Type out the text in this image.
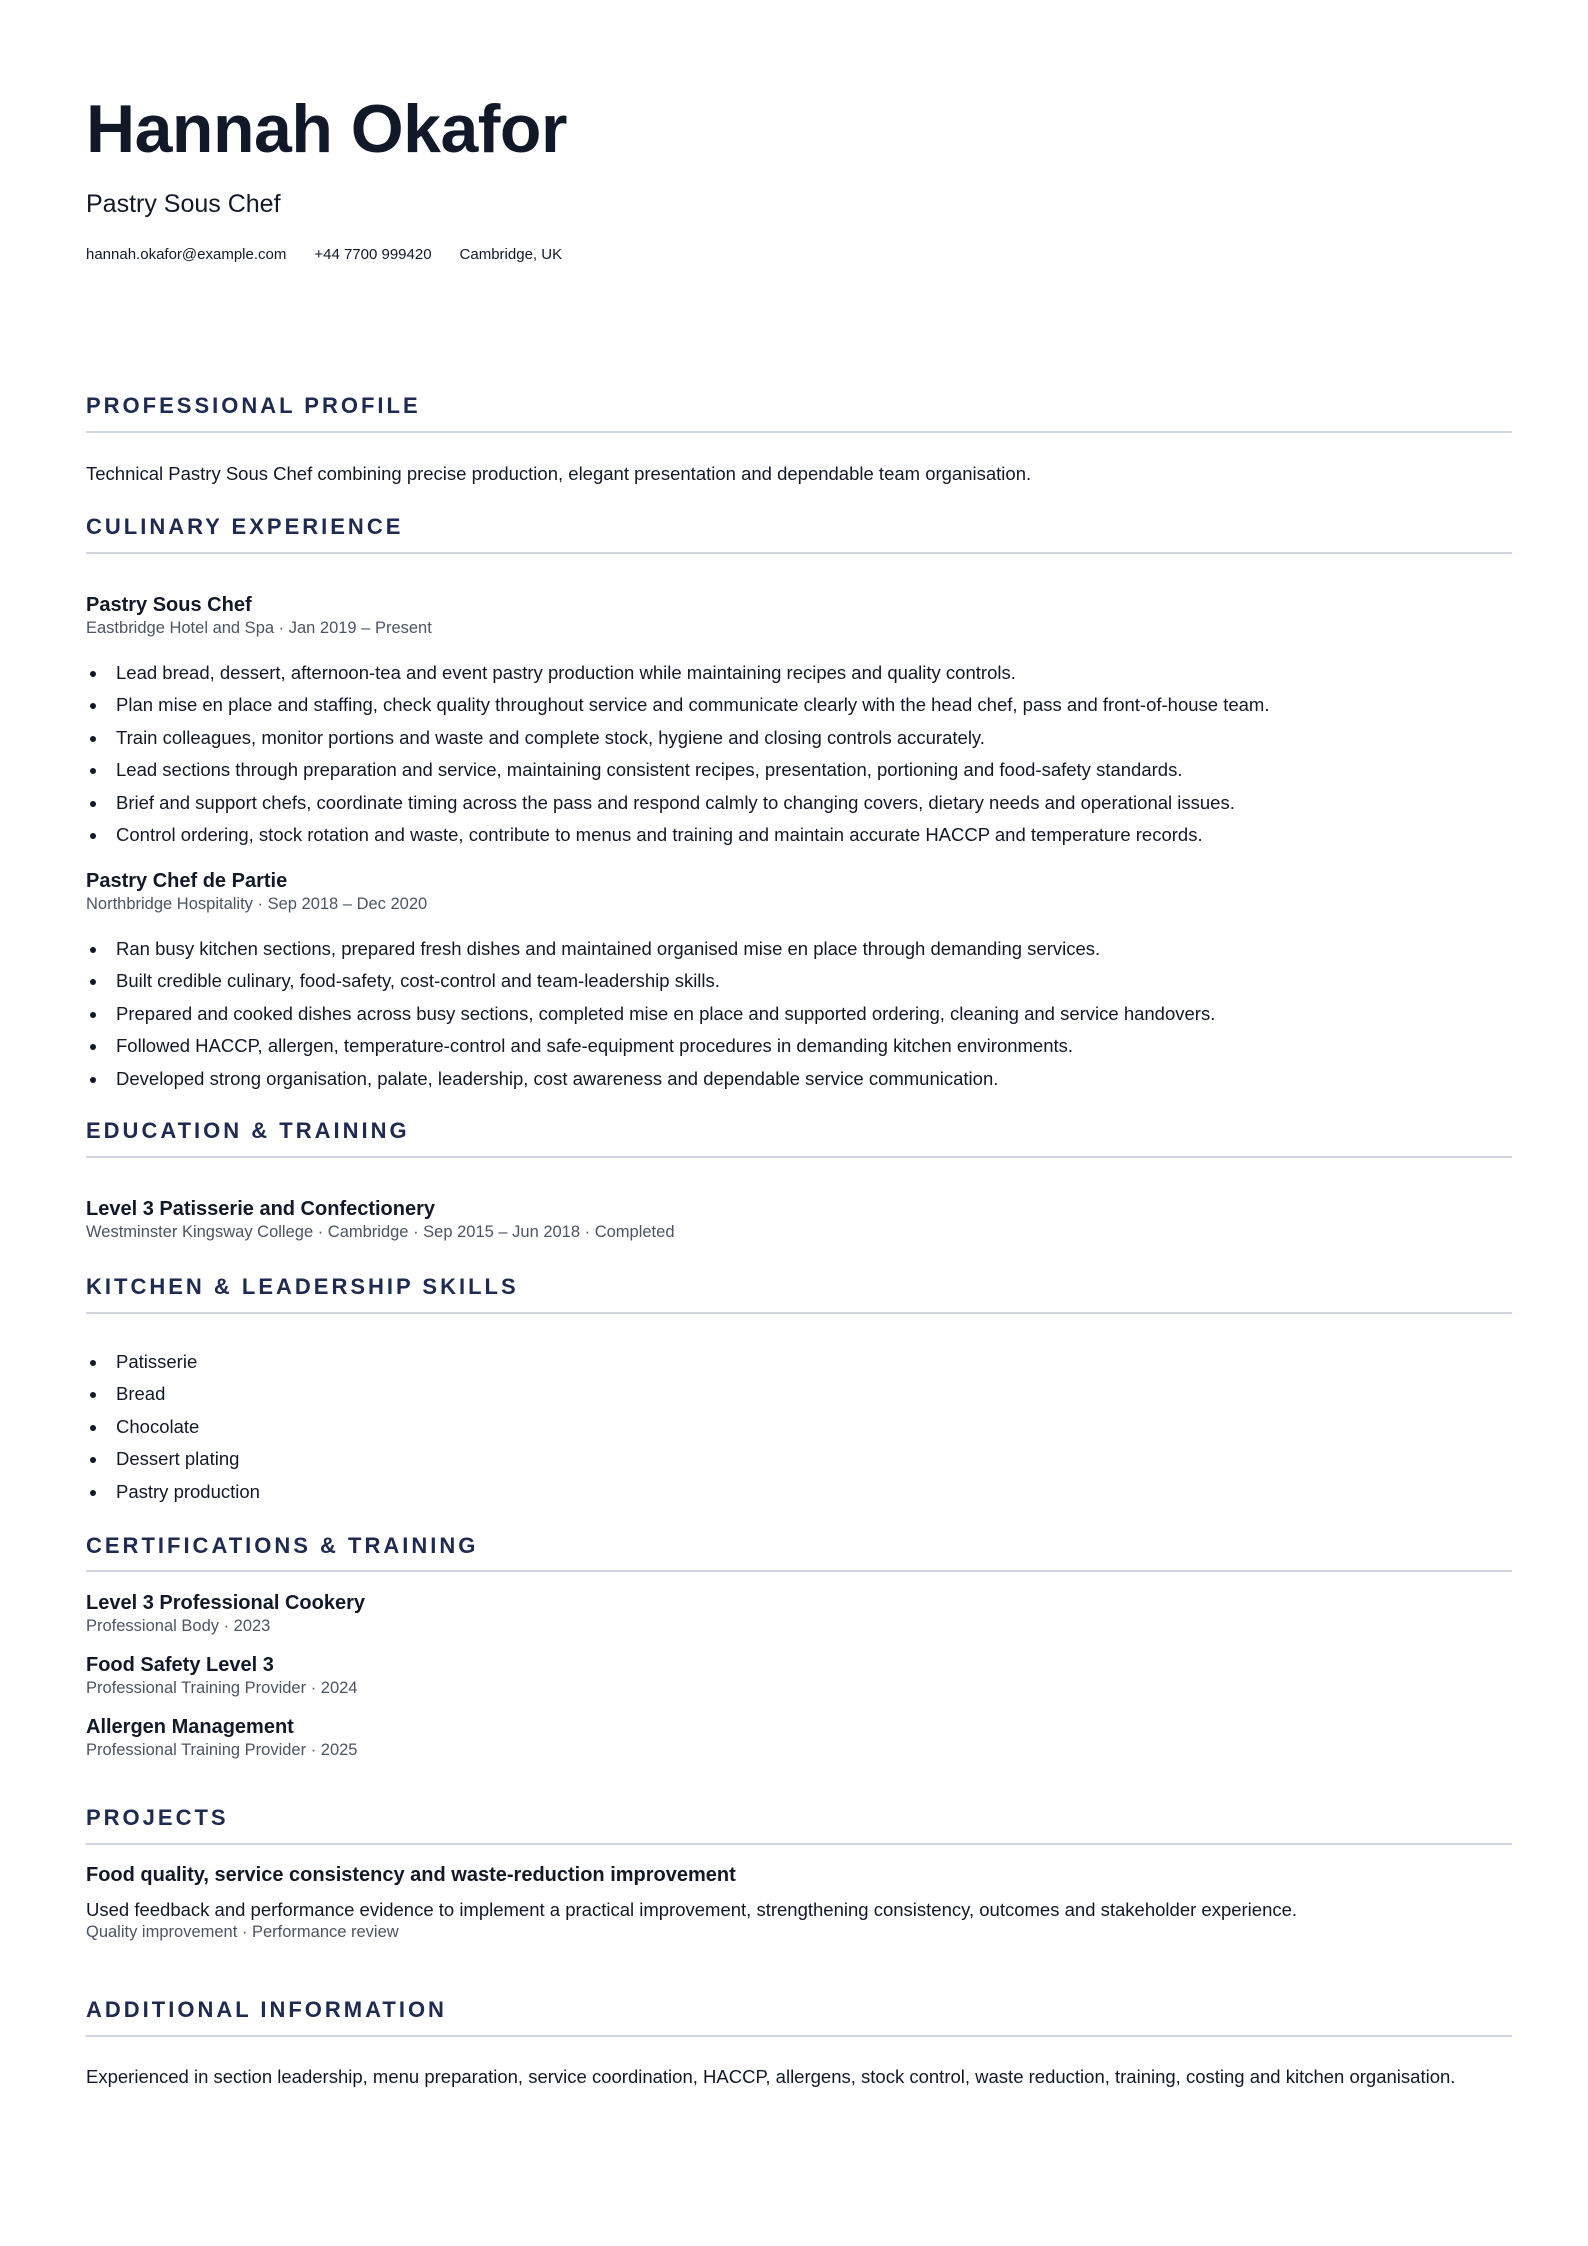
Hannah Okafor
Pastry Sous Chef
hannah.okafor@example.com +44 7700 999420 Cambridge, UK
PROFESSIONAL PROFILE
Technical Pastry Sous Chef combining precise production, elegant presentation and dependable team organisation.
CULINARY EXPERIENCE
Pastry Sous Chef
Eastbridge Hotel and Spa · Jan 2019 – Present
Lead bread, dessert, afternoon-tea and event pastry production while maintaining recipes and quality controls.
Plan mise en place and staffing, check quality throughout service and communicate clearly with the head chef, pass and front-of-house team.
Train colleagues, monitor portions and waste and complete stock, hygiene and closing controls accurately.
Lead sections through preparation and service, maintaining consistent recipes, presentation, portioning and food-safety standards.
Brief and support chefs, coordinate timing across the pass and respond calmly to changing covers, dietary needs and operational issues.
Control ordering, stock rotation and waste, contribute to menus and training and maintain accurate HACCP and temperature records.
Pastry Chef de Partie
Northbridge Hospitality · Sep 2018 – Dec 2020
Ran busy kitchen sections, prepared fresh dishes and maintained organised mise en place through demanding services.
Built credible culinary, food-safety, cost-control and team-leadership skills.
Prepared and cooked dishes across busy sections, completed mise en place and supported ordering, cleaning and service handovers.
Followed HACCP, allergen, temperature-control and safe-equipment procedures in demanding kitchen environments.
Developed strong organisation, palate, leadership, cost awareness and dependable service communication.
EDUCATION & TRAINING
Level 3 Patisserie and Confectionery
Westminster Kingsway College · Cambridge · Sep 2015 – Jun 2018 · Completed
KITCHEN & LEADERSHIP SKILLS
Patisserie
Bread
Chocolate
Dessert plating
Pastry production
CERTIFICATIONS & TRAINING
Level 3 Professional Cookery
Professional Body · 2023
Food Safety Level 3
Professional Training Provider · 2024
Allergen Management
Professional Training Provider · 2025
PROJECTS
Food quality, service consistency and waste-reduction improvement
Used feedback and performance evidence to implement a practical improvement, strengthening consistency, outcomes and stakeholder experience.
Quality improvement · Performance review
ADDITIONAL INFORMATION
Experienced in section leadership, menu preparation, service coordination, HACCP, allergens, stock control, waste reduction, training, costing and kitchen organisation.
